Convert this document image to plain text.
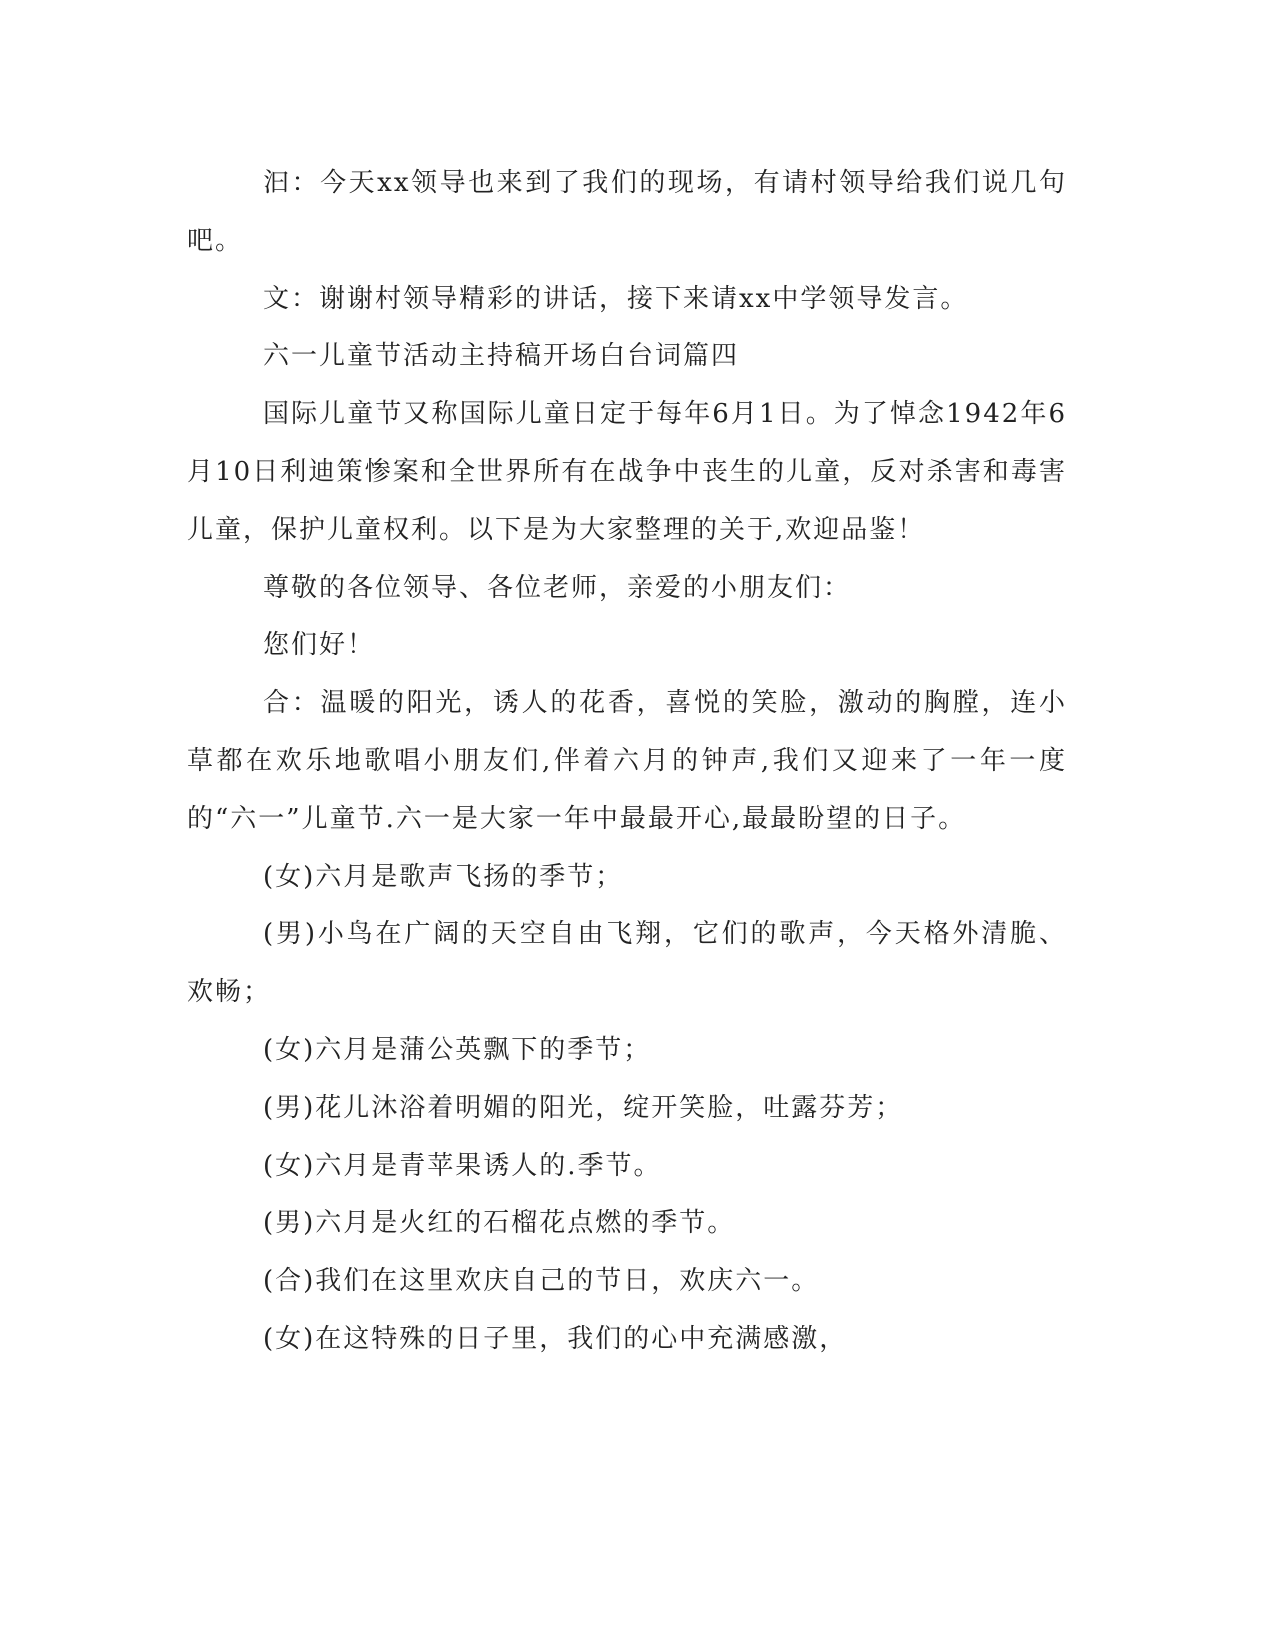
汩：今天xx领导也来到了我们的现场，有请村领导给我们说几句吧。

文：谢谢村领导精彩的讲话，接下来请xx中学领导发言。

六一儿童节活动主持稿开场白台词篇四

国际儿童节又称国际儿童日定于每年6月1日。为了悼念1942年6月10日利迪策惨案和全世界所有在战争中丧生的儿童，反对杀害和毒害儿童，保护儿童权利。以下是为大家整理的关于,欢迎品鉴！

尊敬的各位领导、各位老师，亲爱的小朋友们：

您们好！

合：温暖的阳光，诱人的花香，喜悦的笑脸，激动的胸膛，连小草都在欢乐地歌唱小朋友们,伴着六月的钟声,我们又迎来了一年一度的“六一”儿童节.六一是大家一年中最最开心,最最盼望的日子。

(女)六月是歌声飞扬的季节；

(男)小鸟在广阔的天空自由飞翔，它们的歌声，今天格外清脆、欢畅；

(女)六月是蒲公英飘下的季节；

(男)花儿沐浴着明媚的阳光，绽开笑脸，吐露芬芳；

(女)六月是青苹果诱人的.季节。

(男)六月是火红的石榴花点燃的季节。

(合)我们在这里欢庆自己的节日，欢庆六一。

(女)在这特殊的日子里，我们的心中充满感激，
